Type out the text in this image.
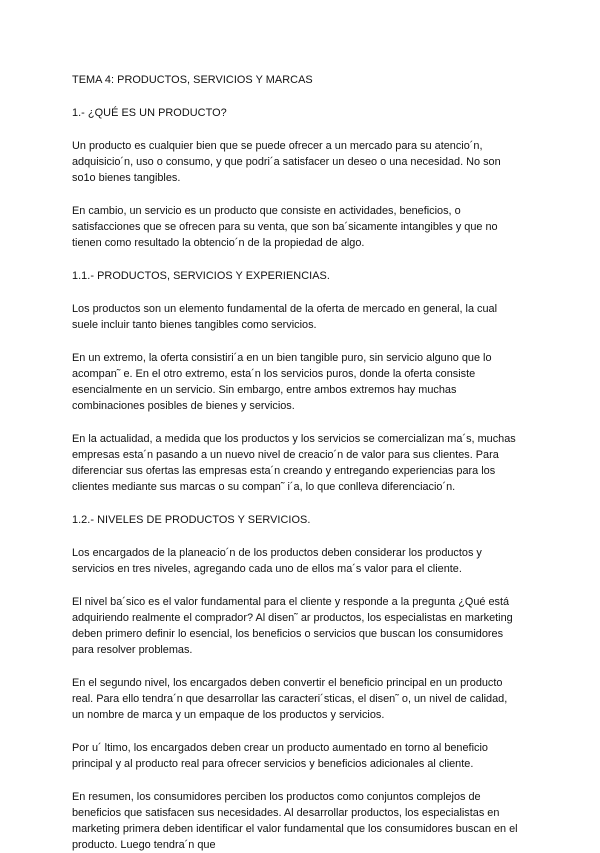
TEMA 4: PRODUCTOS, SERVICIOS Y MARCAS
1.- ¿QUÉ ES UN PRODUCTO?
Un producto es cualquier bien que se puede ofrecer a un mercado para su atencio´n,
adquisicio´n, uso o consumo, y que podri´a satisfacer un deseo o una necesidad. No son
so1o bienes tangibles.
En cambio, un servicio es un producto que consiste en actividades, beneficios, o
satisfacciones que se ofrecen para su venta, que son ba´sicamente intangibles y que no
tienen como resultado la obtencio´n de la propiedad de algo.
1.1.- PRODUCTOS, SERVICIOS Y EXPERIENCIAS.
Los productos son un elemento fundamental de la oferta de mercado en general, la cual
suele incluir tanto bienes tangibles como servicios.
En un extremo, la oferta consistiri´a en un bien tangible puro, sin servicio alguno que lo
acompan˜ e. En el otro extremo, esta´n los servicios puros, donde la oferta consiste
esencialmente en un servicio. Sin embargo, entre ambos extremos hay muchas
combinaciones posibles de bienes y servicios.
En la actualidad, a medida que los productos y los servicios se comercializan ma´s, muchas
empresas esta´n pasando a un nuevo nivel de creacio´n de valor para sus clientes. Para
diferenciar sus ofertas las empresas esta´n creando y entregando experiencias para los
clientes mediante sus marcas o su compan˜ i´a, lo que conlleva diferenciacio´n.
1.2.- NIVELES DE PRODUCTOS Y SERVICIOS.
Los encargados de la planeacio´n de los productos deben considerar los productos y
servicios en tres niveles, agregando cada uno de ellos ma´s valor para el cliente.
El nivel ba´sico es el valor fundamental para el cliente y responde a la pregunta ¿Qué está
adquiriendo realmente el comprador? Al disen˜ ar productos, los especialistas en marketing
deben primero definir lo esencial, los beneficios o servicios que buscan los consumidores
para resolver problemas.
En el segundo nivel, los encargados deben convertir el beneficio principal en un producto
real. Para ello tendra´n que desarrollar las caracteri´sticas, el disen˜ o, un nivel de calidad,
un nombre de marca y un empaque de los productos y servicios.
Por u´ ltimo, los encargados deben crear un producto aumentado en torno al beneficio
principal y al producto real para ofrecer servicios y beneficios adicionales al cliente.
En resumen, los consumidores perciben los productos como conjuntos complejos de
beneficios que satisfacen sus necesidades. Al desarrollar productos, los especialistas en
marketing primera deben identificar el valor fundamental que los consumidores buscan en el
producto. Luego tendra´n que
